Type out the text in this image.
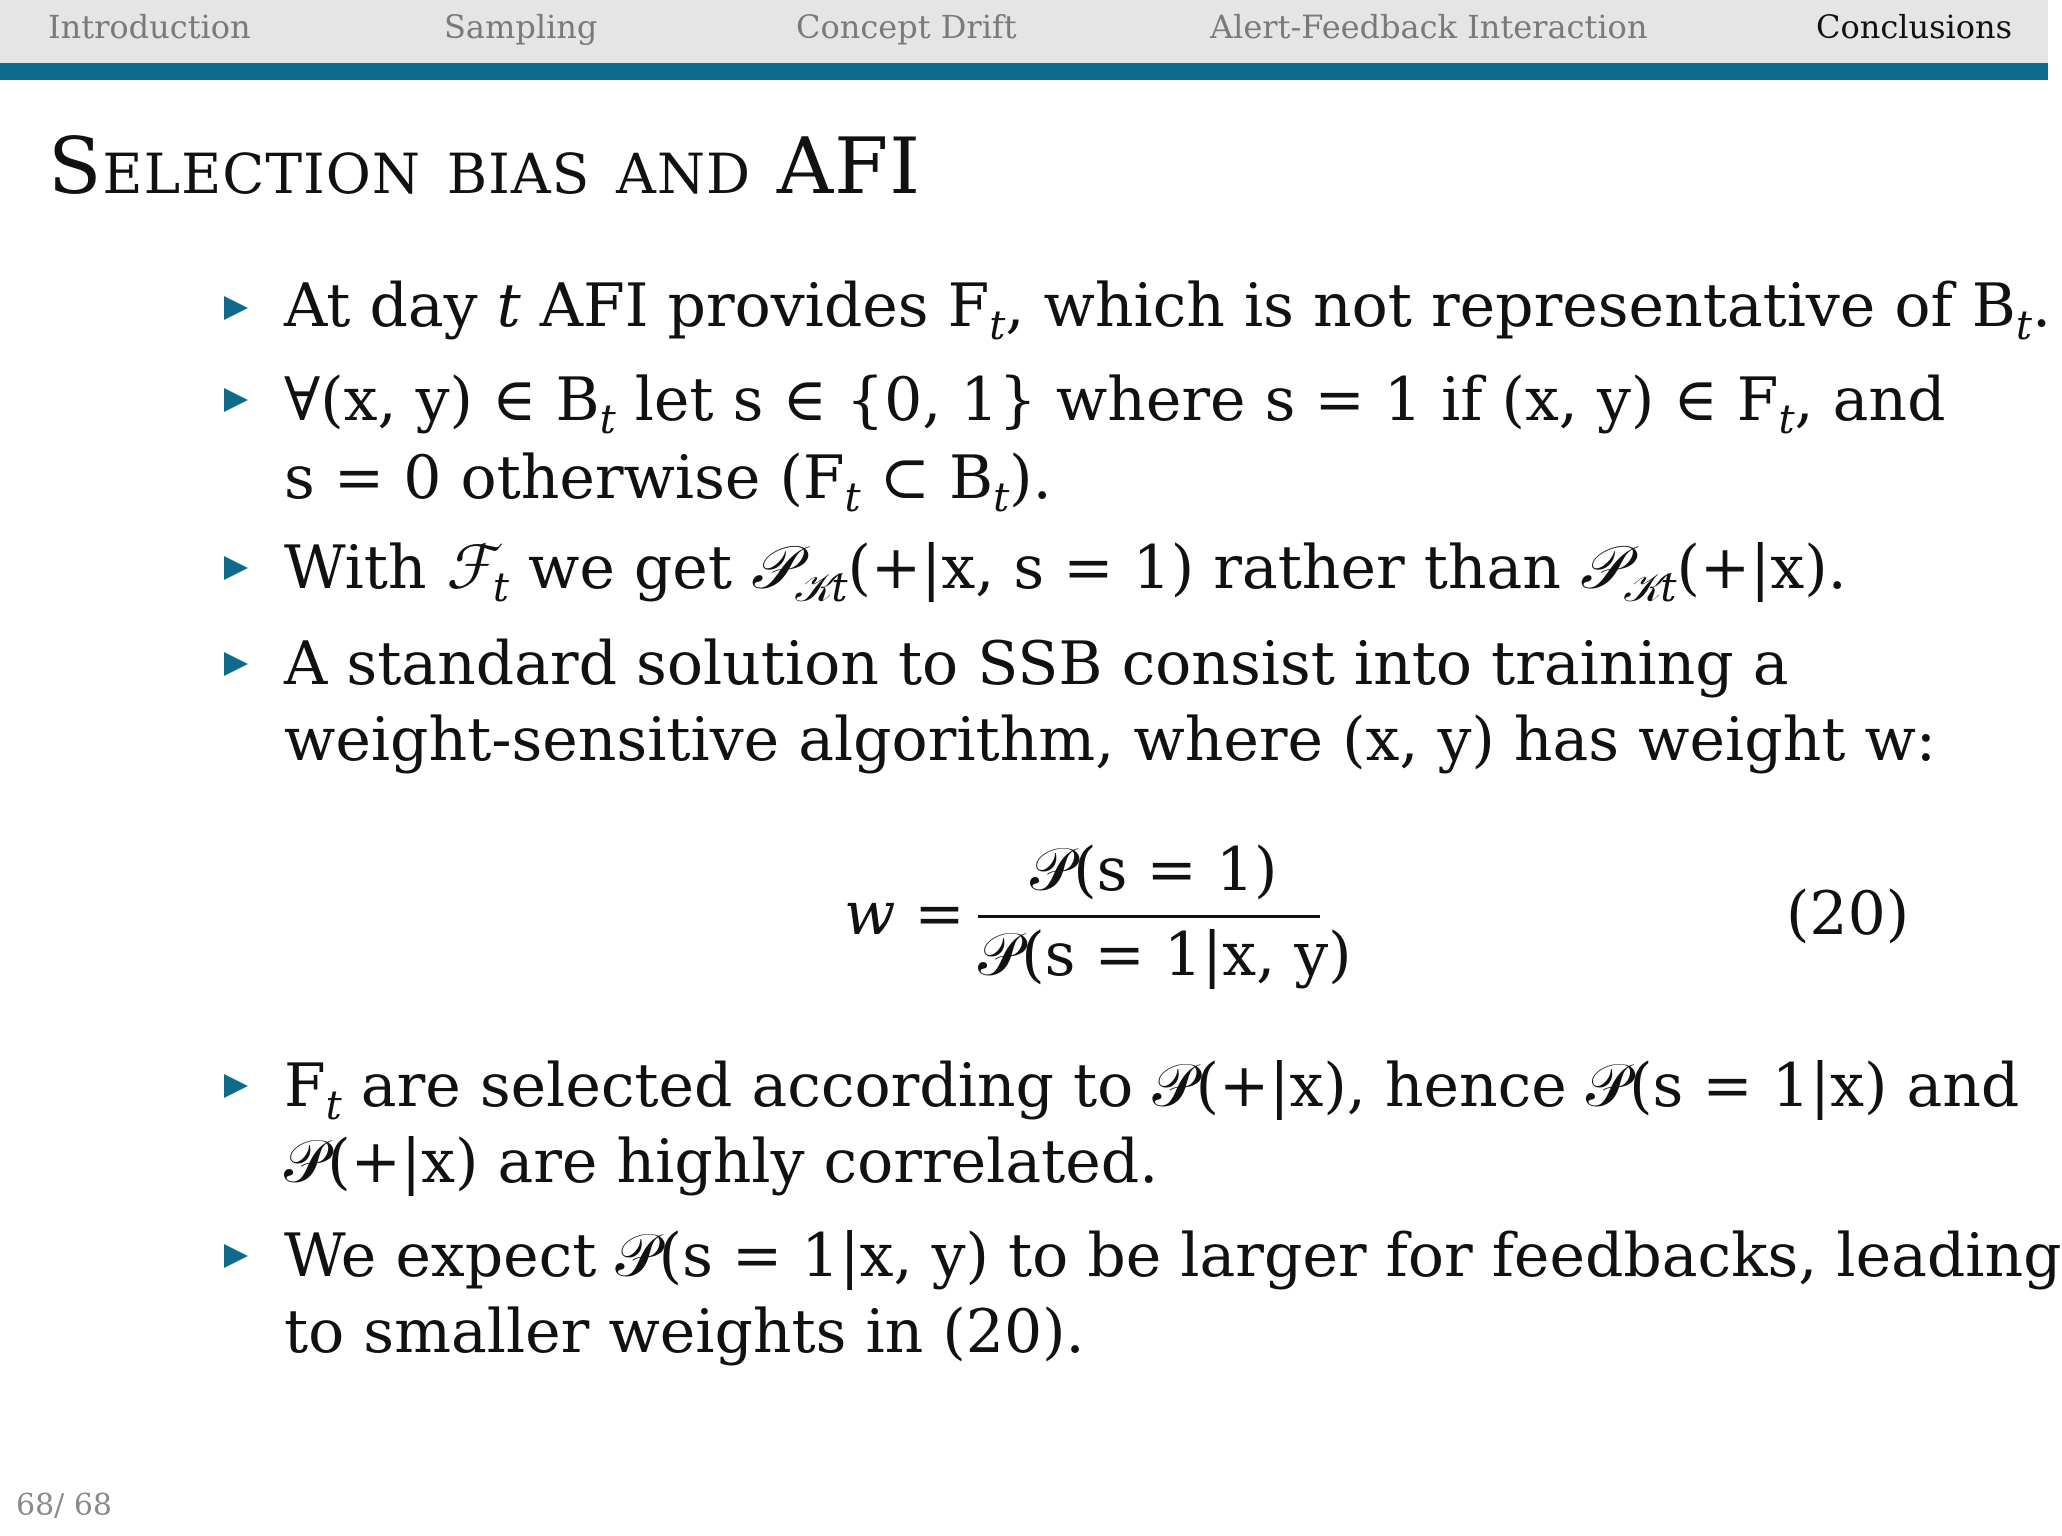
Introduction	Sampling	Concept Drift	Alert-Feedback Interaction	Conclusions
Selection bias and AFI
At day t AFI provides $F_t$, which is not representative of $B_t$.
∀(x, y) ∈ $B_t$ let s ∈ {0, 1} where s = 1 if (x, y) ∈ $F_t$, and
s = 0 otherwise ($F_t$ ⊂ $B_t$).
With ℱ$_t$ we get 𝒫$_{𝒦t}$(+|x, s = 1) rather than 𝒫$_{𝒦t}$(+|x).
A standard solution to SSB consist into training a
weight-sensitive algorithm, where (x, y) has weight w:
w =
𝒫(s = 1)
𝒫(s = 1|x, y)
(20)
$F_t$ are selected according to 𝒫(+|x), hence 𝒫(s = 1|x) and
𝒫(+|x) are highly correlated.
We expect 𝒫(s = 1|x, y) to be larger for feedbacks, leading
to smaller weights in (20).
68/ 68
